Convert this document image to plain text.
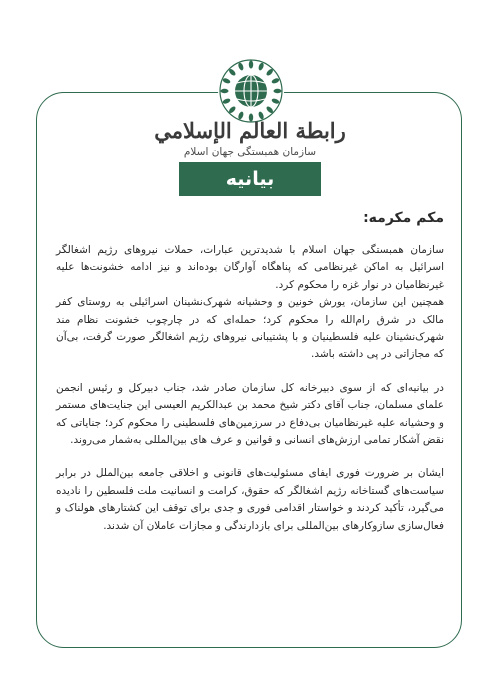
رابطة العالم الإسلامي
سازمان همبستگی جهان اسلام
بیانیه

مکم مکرمه:

سازمان همبستگی جهان اسلام با شدیدترین عبارات، حملات نیروهای رژیم اشغالگر اسرائیل به اماکن غیرنظامی که پناهگاه آوارگان بوده‌اند و نیز ادامه خشونت‌ها علیه غیرنظامیان در نوار غزه را محکوم کرد.

همچنین این سازمان، یورش خونین و وحشیانه شهرک‌نشینان اسرائیلی به روستای کفر مالک در شرق رام‌الله را محکوم کرد؛ حمله‌ای که در چارچوب خشونت نظام مند شهرک‌نشینان علیه فلسطینیان و با پشتیبانی نیروهای رژیم اشغالگر صورت گرفت، بی‌آن که مجازاتی در پی داشته باشد.

در بیانیه‌ای که از سوی دبیرخانه کل سازمان صادر شد، جناب دبیرکل و رئیس انجمن علمای مسلمان، جناب آقای دکتر شیخ محمد بن عبدالکریم العیسی این جنایت‌های مستمر و وحشیانه علیه غیرنظامیان بی‌دفاع در سرزمین‌های فلسطینی را محکوم کرد؛ جنایاتی که نقض آشکار تمامی ارزش‌های انسانی و قوانین و عرف های بین‌المللی به‌شمار می‌روند.

ایشان بر ضرورت فوری ایفای مسئولیت‌های قانونی و اخلاقی جامعه بین‌الملل در برابر سیاست‌های گستاخانه رژیم اشغالگر که حقوق، کرامت و انسانیت ملت فلسطین را نادیده می‌گیرد، تأکید کردند و خواستار اقدامی فوری و جدی برای توقف این کشتارهای هولناک و فعال‌سازی سازوکارهای بین‌المللی برای بازدارندگی و مجازات عاملان آن شدند.
